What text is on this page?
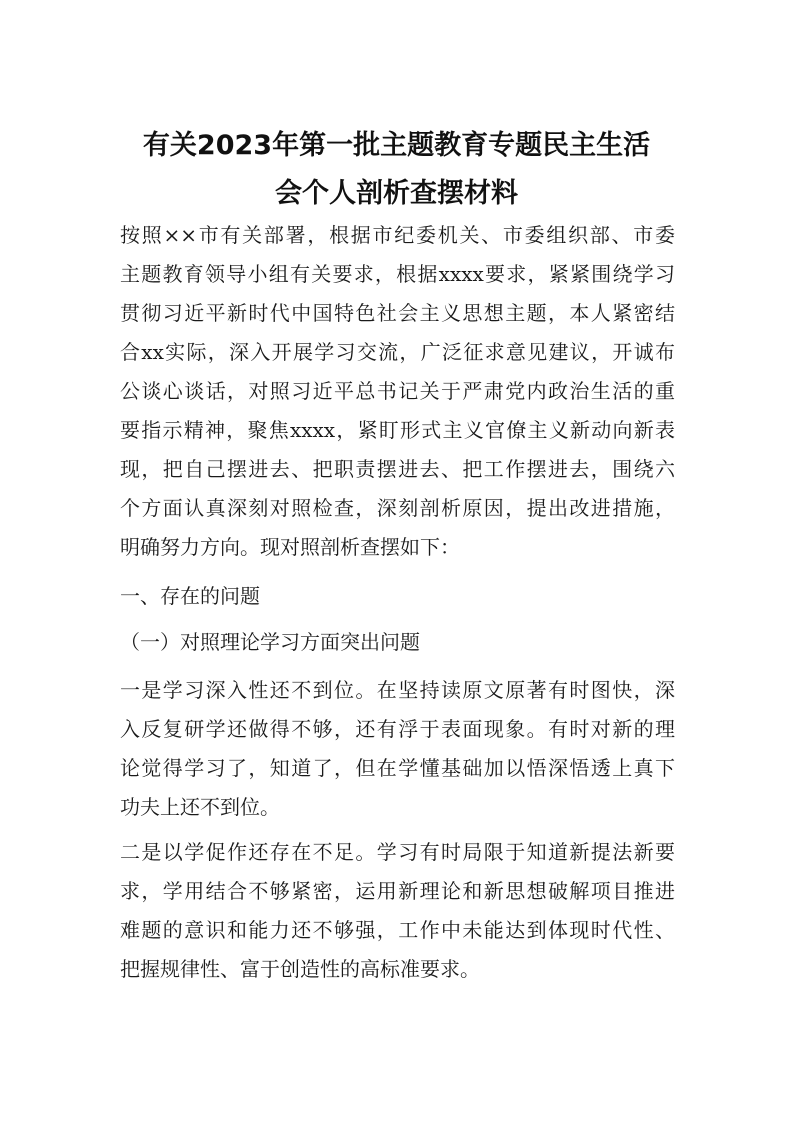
有关2023年第一批主题教育专题民主生活
会个人剖析查摆材料
按照××市有关部署，根据市纪委机关、市委组织部、市委
主题教育领导小组有关要求，根据xxxx要求，紧紧围绕学习
贯彻习近平新时代中国特色社会主义思想主题，本人紧密结
合xx实际，深入开展学习交流，广泛征求意见建议，开诚布
公谈心谈话，对照习近平总书记关于严肃党内政治生活的重
要指示精神，聚焦xxxx，紧盯形式主义官僚主义新动向新表
现，把自己摆进去、把职责摆进去、把工作摆进去，围绕六
个方面认真深刻对照检查，深刻剖析原因，提出改进措施，
明确努力方向。现对照剖析查摆如下：
一、存在的问题
（一）对照理论学习方面突出问题
一是学习深入性还不到位。在坚持读原文原著有时图快，深
入反复研学还做得不够，还有浮于表面现象。有时对新的理
论觉得学习了，知道了，但在学懂基础加以悟深悟透上真下
功夫上还不到位。
二是以学促作还存在不足。学习有时局限于知道新提法新要
求，学用结合不够紧密，运用新理论和新思想破解项目推进
难题的意识和能力还不够强，工作中未能达到体现时代性、
把握规律性、富于创造性的高标准要求。
